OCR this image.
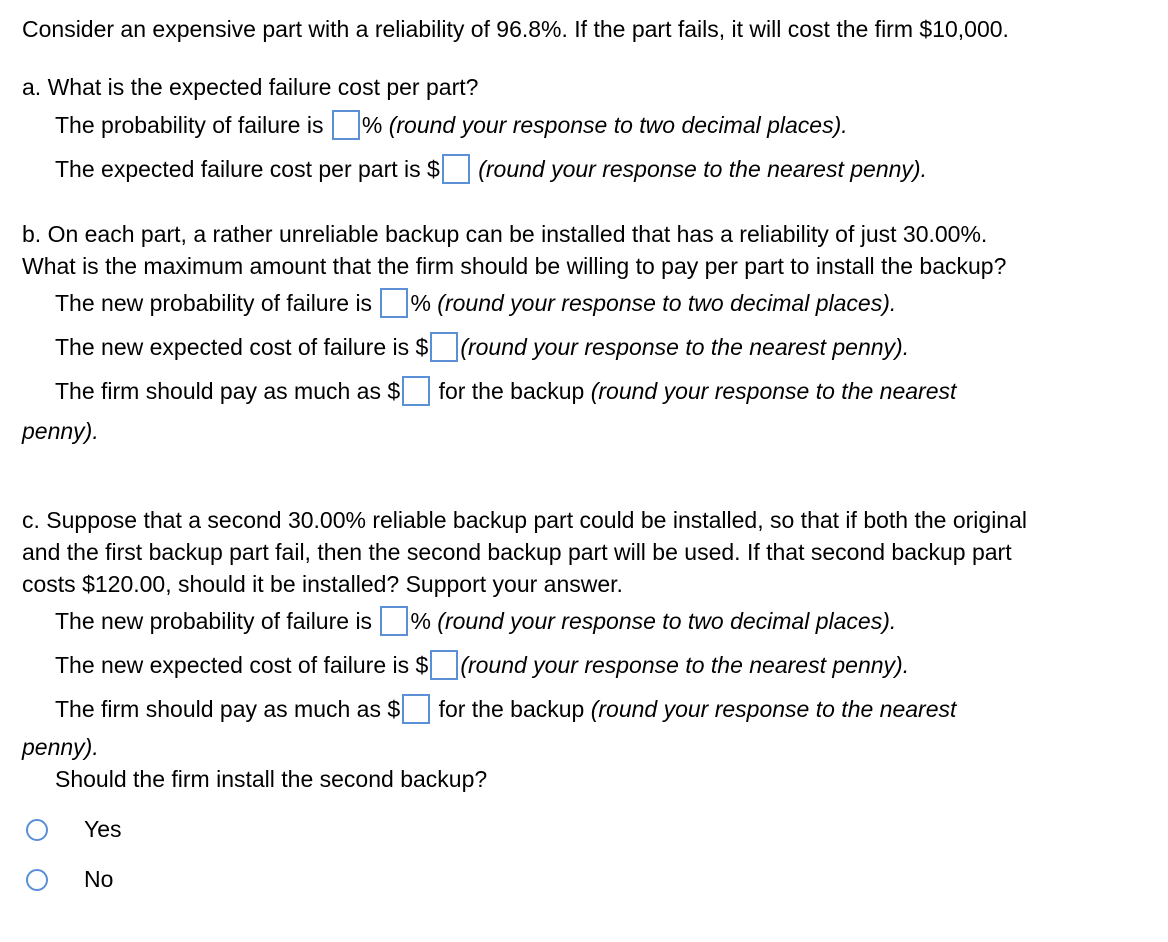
Consider an expensive part with a reliability of 96.8%. If the part fails, it will cost the firm $10,000.
a. What is the expected failure cost per part?
The probability of failure is % (round your response to two decimal places).
The expected failure cost per part is $ (round your response to the nearest penny).
b. On each part, a rather unreliable backup can be installed that has a reliability of just 30.00%.
What is the maximum amount that the firm should be willing to pay per part to install the backup?
The new probability of failure is % (round your response to two decimal places).
The new expected cost of failure is $ (round your response to the nearest penny).
The firm should pay as much as $ for the backup (round your response to the nearest
penny).
c. Suppose that a second 30.00% reliable backup part could be installed, so that if both the original
and the first backup part fail, then the second backup part will be used. If that second backup part
costs $120.00, should it be installed? Support your answer.
The new probability of failure is % (round your response to two decimal places).
The new expected cost of failure is $ (round your response to the nearest penny).
The firm should pay as much as $ for the backup (round your response to the nearest
penny).
Should the firm install the second backup?
Yes
No
